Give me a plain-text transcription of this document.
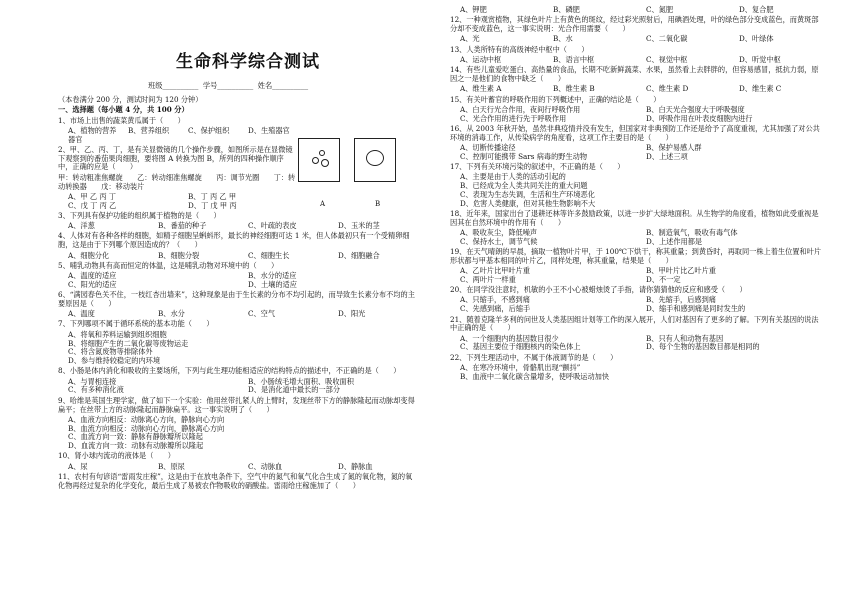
生命科学综合测试
班级__________  学号__________  姓名__________
（本卷满分 200 分，测试时间为 120 分钟）
一、选择题（每小题 4 分，共 100 分）
1、市场上出售的蔬菜黄瓜属于（　　）
A、植物的营养器官
B、营养组织	C、保护组织	D、生殖器官
2、甲、乙、丙、丁，是有关显微镜的几个操作步骤，如图所示是在显微镜下观察到的番茄果肉细胞，要将图 A 转换为图 B，所列的四种操作顺序中，正确的应是（　　）
甲：转动粗准焦螺旋　　乙：转动细准焦螺旋　　丙：调节光圈　　丁：转动转换器　　戊：移动装片
A、甲 乙 丙 丁	B、丁 丙 乙 甲
C、戊 丁 丙 乙	D、丁 戊 甲 丙
3、下列具有保护功能的组织属于植物的是（　　）
A、洋葱	B、番茄的种子	C、叶疏的表皮	D、玉米的茎
4、人体对有各种各样的细胞，如精子细胞呈蝌蚪形，最长的神经细胞可达 1 米，但人体最初只有一个受精卵细胞，这是由于下列哪个原因造成的？（　　）
A、细胞分化	B、细胞分裂	C、细胞生长	D、细胞融合
5、哺乳动物具有高而恒定的体温，这是哺乳动物对环境中的（　　）
A、温度的适应	B、水分的适应
C、阳光的适应	D、土壤的适应
6、“满园春色关不住，一枝红杏出墙来”，这种现象是由于生长素的分布不均引起的，而导致生长素分布不均的主要原因是（　　）
A、温度	B、水分	C、空气	D、阳光
7、下列哪项不属于循环系统的基本功能（　　）
A、将氧和养料运输到组织细胞
B、将细胞产生的二氧化碳等废物运走
C、将含氮废物等排除体外
D、参与维持较稳定的内环境
8、小肠是体内消化和吸收的主要场所，下列与此生理功能相适应的结构特点的描述中，不正确的是（　　）
A、与胃相连接	B、小肠绒毛增大面积、吸收面积
C、有多种消化液	D、是消化道中最长的一部分
9、哈维是英国生理学家，做了如下一个实验：他用丝带扎紧人的上臂时，发现丝带下方的静脉隆起而动脉却变得扁平；在丝带上方的动脉隆起而静脉扁平。这一事实说明了（　　）
A、血液方向相反：动脉离心方向，静脉向心方向
B、血流方向相反：动脉向心方向，静脉离心方向
C、血流方向一致：静脉有静脉瓣所以隆起
D、血流方向一致：动脉有动脉瓣所以隆起
10、肾小球内流动的液体是（　　）
A、尿	B、原尿	C、动脉血	D、静脉血
11、农村有句谚语“雷雨发庄稼”，这是由于在放电条件下，空气中的氮气和氧气化合生成了氮的氧化物，氮的氧化物再经过复杂的化学变化，最后生成了易被农作物吸收的硝酸盐。雷雨给庄稼施加了（　　）
A	B
A、钾肥	B、磷肥	C、氮肥	D、复合肥
12、一种观赏植物，其绿色叶片上有黄色的斑纹，经过彩光照射后，用碘酒处理，叶的绿色部分变成蓝色，而黄斑部分却不变成蓝色，这一事实说明：光合作用需要（　　）
A、光	B、水	C、二氧化碳	D、叶绿体
13、人类所特有的高级神经中枢中（　　）
A、运动中枢	B、语言中枢	C、视觉中枢	D、听觉中枢
14、有些儿童爱吃蛋白、高热量的食品，长期不吃新鲜蔬菜、水果，虽然看上去胖胖的，但容易感冒，抵抗力弱，原因之一是他们的食物中缺乏（　　）
A、维生素 A	B、维生素 B	C、维生素 D	D、维生素 C
15、有关叶蓄官的呼吸作用的下列概述中，正确的结论是（　　）
A、白天行光合作用，夜间行呼吸作用	B、白天光合强度大于呼吸强度
C、光合作用的进行先于呼吸作用	D、呼吸作用在叶表皮细胞内进行
16、从 2003 年秋开始，虽然非典疫情并没有发生，但国家对非典预防工作还是给予了高度重视，尤其加强了对公共环境的消毒工作，从传染病学的角度看，这项工作主要目的是（　　）
A、切断传播途径	B、保护易感人群
C、控制可能携带 Sars 病毒的野生动物	D、上述三项
17、下列有关环境污染的叙述中，不正确的是（　　）
A、主要是由于人类的活动引起的
B、已经成为全人类共同关注的重大问题
C、表现为生态失调，生活和生产环境恶化
D、危害人类健康，但对其他生物影响不大
18、近年来，国家出台了退耕还林等许多鼓励政策，以进一步扩大绿地面积。从生物学的角度看，植物如此受重视是因其在自然环境中的作用有（　　）
A、吸收灰尘，降低噪声	B、制造氧气，吸收有毒气体
C、保持水土，调节气候	D、上述作用都是
19、在天气晴朗的早晨，摘取一植物叶片甲，于 100℃下烘干，称其重量；到黄昏时，再取同一株上着生位置和叶片形状都与甲基本相同的叶片乙，同样处理，称其重量，结果是（　　）
A、乙叶片比甲叶片重	B、甲叶片比乙叶片重
C、两叶片一样重	D、不一定
20、在同学没注意时，机敏的小王不小心被蜡烛烫了手指，请你猜猜他的反应和感受（　　）
A、只缩手，不感到痛	B、先缩手，后感到痛
C、先感到痛，后缩手	D、缩手和感到痛是同时发生的
21、随着克隆羊多利的问世及人类基因组计划等工作的深入展开，人们对基因有了更多的了解。下列有关基因的说法中正确的是（　　）
A、一个细胞内的基因数目很少	B、只有人和动物有基因
C、基因主要位于细胞核内的染色体上	D、每个生物的基因数目都是相同的
22、下列生理活动中，不属于体液调节的是（　　）
A、在寒冷环境中，骨骼肌出现“颤抖”
B、血液中二氧化碳含量增多，使呼吸运动加快
